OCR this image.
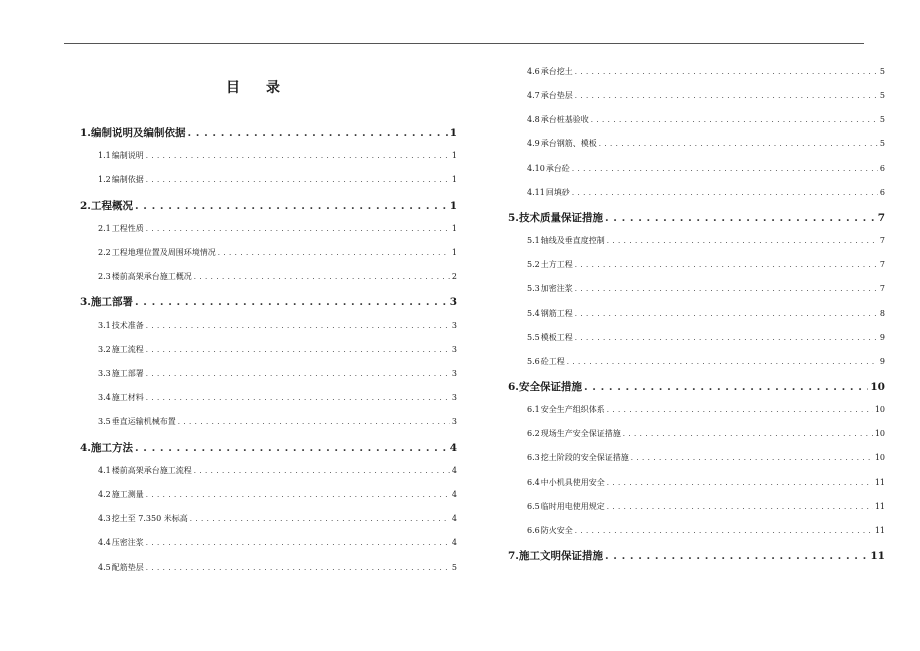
目 录
1. 编制说明及编制依据 . . .	1
1.1 编制说明 . . .	1
1.2 编制依据 . . .	1
2. 工程概况 . . .	1
2.1 工程性质 . . .	1
2.2 工程地理位置及周围环境情况 . . .	1
2.3 楼前高架承台施工概况 . . .	2
3. 施工部署 . . .	3
3.1 技术准备 . . .	3
3.2 施工流程 . . .	3
3.3 施工部署 . . .	3
3.4 施工材料 . . .	3
3.5 垂直运输机械布置 . . .	3
4. 施工方法 . . .	4
4.1 楼前高架承台施工流程 . . .	4
4.2 施工测量 . . .	4
4.3 挖土至 7.350 米标高 . . .	4
4.4 压密注浆 . . .	4
4.5 配筋垫层 . . .	5
4.6 承台挖土 . . .	5
4.7 承台垫层 . . .	5
4.8 承台桩基验收 . . .	5
4.9 承台钢筋、模板 . . .	5
4.10 承台砼 . . .	6
4.11 回填砂 . . .	6
5. 技术质量保证措施 . . .	7
5.1 轴线及垂直度控制 . . .	7
5.2 土方工程 . . .	7
5.3 加密注浆 . . .	7
5.4 钢筋工程 . . .	8
5.5 模板工程 . . .	9
5.6 砼工程 . . .	9
6. 安全保证措施 . . .	10
6.1 安全生产组织体系 . . .	10
6.2 现场生产安全保证措施 . . .	10
6.3 挖土阶段的安全保证措施 . . .	10
6.4 中小机具使用安全 . . .	11
6.5 临时用电使用规定 . . .	11
6.6 防火安全 . . .	11
7. 施工文明保证措施 . . .	11
